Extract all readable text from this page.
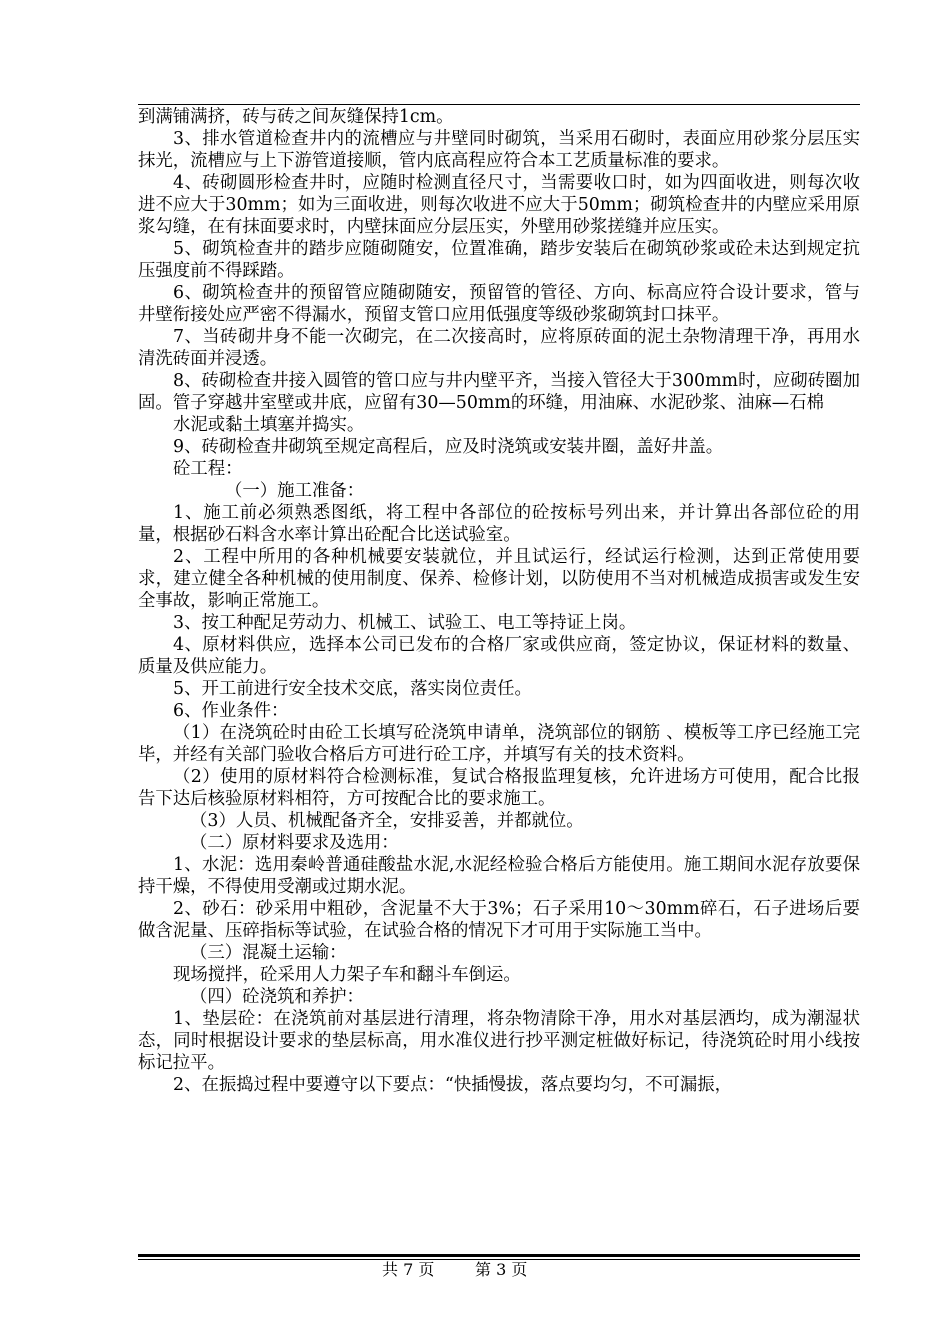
到满铺满挤，砖与砖之间灰缝保持1cm。

3、排水管道检查井内的流槽应与井壁同时砌筑，当采用石砌时，表面应用砂浆分层压实抹光，流槽应与上下游管道接顺，管内底高程应符合本工艺质量标准的要求。

4、砖砌圆形检查井时，应随时检测直径尺寸，当需要收口时，如为四面收进，则每次收进不应大于30mm；如为三面收进，则每次收进不应大于50mm；砌筑检查井的内壁应采用原浆勾缝，在有抹面要求时，内壁抹面应分层压实，外壁用砂浆搓缝并应压实。

5、砌筑检查井的踏步应随砌随安，位置准确，踏步安装后在砌筑砂浆或砼未达到规定抗压强度前不得踩踏。

6、砌筑检查井的预留管应随砌随安，预留管的管径、方向、标高应符合设计要求，管与井壁衔接处应严密不得漏水，预留支管口应用低强度等级砂浆砌筑封口抹平。

7、当砖砌井身不能一次砌完，在二次接高时，应将原砖面的泥土杂物清理干净，再用水清洗砖面并浸透。

8、砖砌检查井接入圆管的管口应与井内壁平齐，当接入管径大于300mm时，应砌砖圈加固。管子穿越井室壁或井底，应留有30—50mm的环缝，用油麻、水泥砂浆、油麻—石棉

水泥或黏土填塞并捣实。

9、砖砌检查井砌筑至规定高程后，应及时浇筑或安装井圈，盖好井盖。

砼工程：

（一）施工准备：

1、施工前必须熟悉图纸，将工程中各部位的砼按标号列出来，并计算出各部位砼的用量，根据砂石料含水率计算出砼配合比送试验室。

2、工程中所用的各种机械要安装就位，并且试运行，经试运行检测，达到正常使用要求，建立健全各种机械的使用制度、保养、检修计划，以防使用不当对机械造成损害或发生安全事故，影响正常施工。

3、按工种配足劳动力、机械工、试验工、电工等持证上岗。

4、原材料供应，选择本公司已发布的合格厂家或供应商，签定协议，保证材料的数量、质量及供应能力。

5、开工前进行安全技术交底，落实岗位责任。

6、作业条件：

（1）在浇筑砼时由砼工长填写砼浇筑申请单，浇筑部位的钢筋 、模板等工序已经施工完毕，并经有关部门验收合格后方可进行砼工序，并填写有关的技术资料。

（2）使用的原材料符合检测标准，复试合格报监理复核，允许进场方可使用，配合比报告下达后核验原材料相符，方可按配合比的要求施工。

（3）人员、机械配备齐全，安排妥善，并都就位。

（二）原材料要求及选用：

1、水泥：选用秦岭普通硅酸盐水泥,水泥经检验合格后方能使用。施工期间水泥存放要保持干燥，不得使用受潮或过期水泥。

2、砂石：砂采用中粗砂，含泥量不大于3%；石子采用10～30mm碎石，石子进场后要做含泥量、压碎指标等试验，在试验合格的情况下才可用于实际施工当中。

（三）混凝土运输：

现场搅拌，砼采用人力架子车和翻斗车倒运。

（四）砼浇筑和养护：

1、垫层砼：在浇筑前对基层进行清理，将杂物清除干净，用水对基层洒均，成为潮湿状态，同时根据设计要求的垫层标高，用水准仪进行抄平测定桩做好标记，待浇筑砼时用小线按标记拉平。

2、在振捣过程中要遵守以下要点：“快插慢拔，落点要均匀，不可漏振，

共 7 页	第 3 页
